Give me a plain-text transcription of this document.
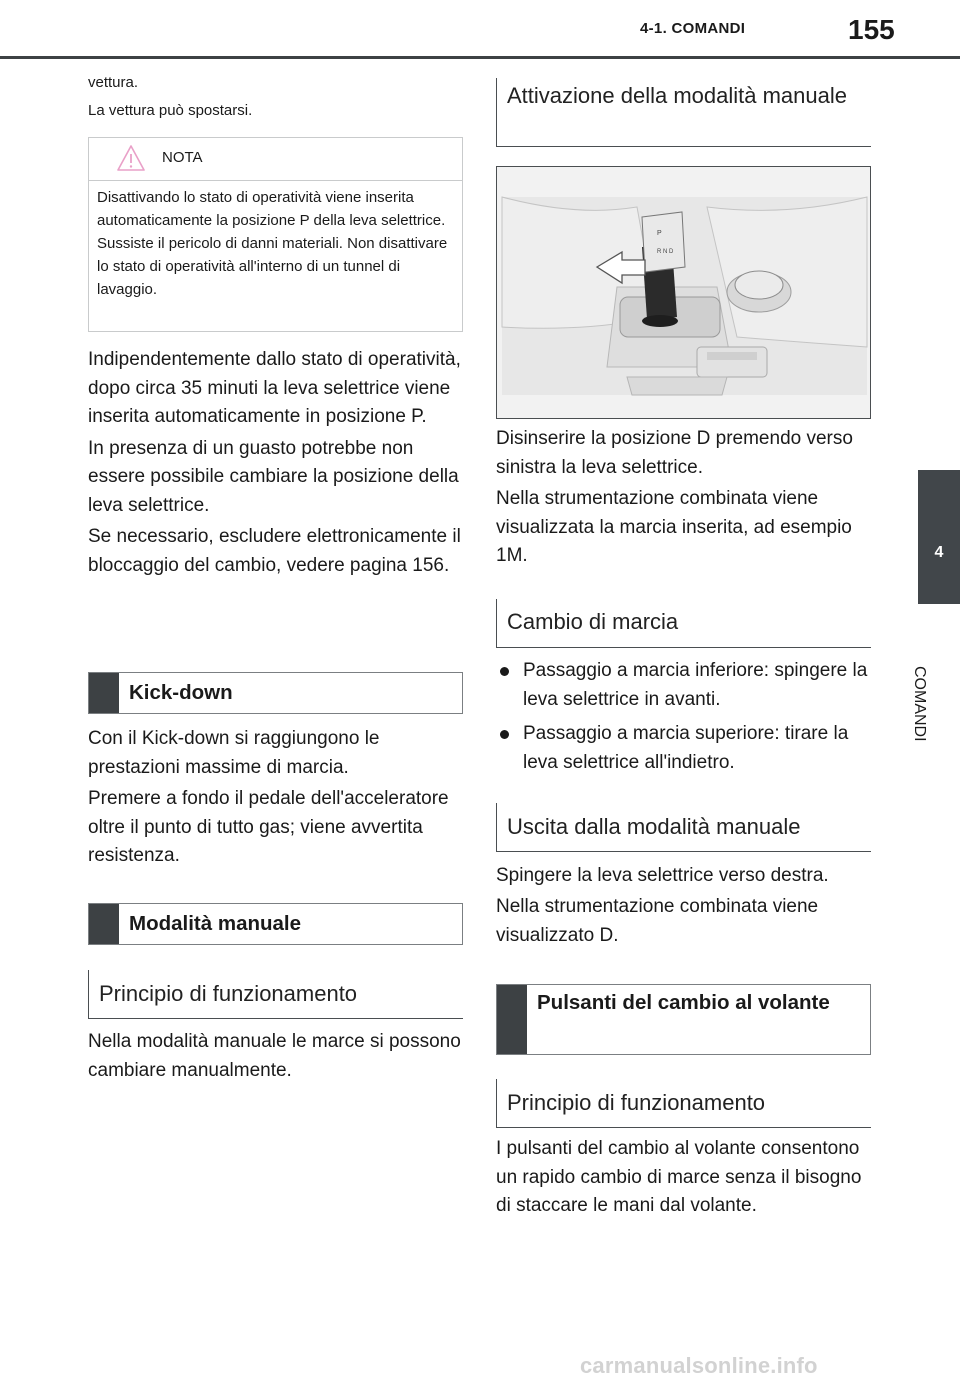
4-1. COMANDI	155
4
COMANDI

vettura.

La vettura può spostarsi.

NOTA
Disattivando lo stato di operatività viene inserita automaticamente la posizione P della leva selettrice. Sussiste il pericolo di danni materiali. Non disattivare lo stato di operatività all'interno di un tunnel di lavaggio.

Indipendentemente dallo stato di operatività, dopo circa 35 minuti la leva selettrice viene inserita automaticamente in posizione P.

In presenza di un guasto potrebbe non essere possibile cambiare la posizione della leva selettrice.

Se necessario, escludere elettronicamente il bloccaggio del cambio, vedere pagina 156.

Kick-down

Con il Kick-down si raggiungono le prestazioni massime di marcia.

Premere a fondo il pedale dell'acceleratore oltre il punto di tutto gas; viene avvertita resistenza.

Modalità manuale
Principio di funzionamento
Nella modalità manuale le marce si possono cambiare manualmente.
Attivazione della modalità manuale
P
R N D

Disinserire la posizione D premendo verso sinistra la leva selettrice.

Nella strumentazione combinata viene visualizzata la marcia inserita, ad esempio 1M.

Cambio di marcia
Passaggio a marcia inferiore: spingere la leva selettrice in avanti.
Passaggio a marcia superiore: tirare la leva selettrice all'indietro.
Uscita dalla modalità manuale

Spingere la leva selettrice verso destra.

Nella strumentazione combinata viene visualizzato D.

Pulsanti del cambio al volante
Principio di funzionamento
I pulsanti del cambio al volante consentono un rapido cambio di marce senza il bisogno di staccare le mani dal volante.
carmanualsonline.info
